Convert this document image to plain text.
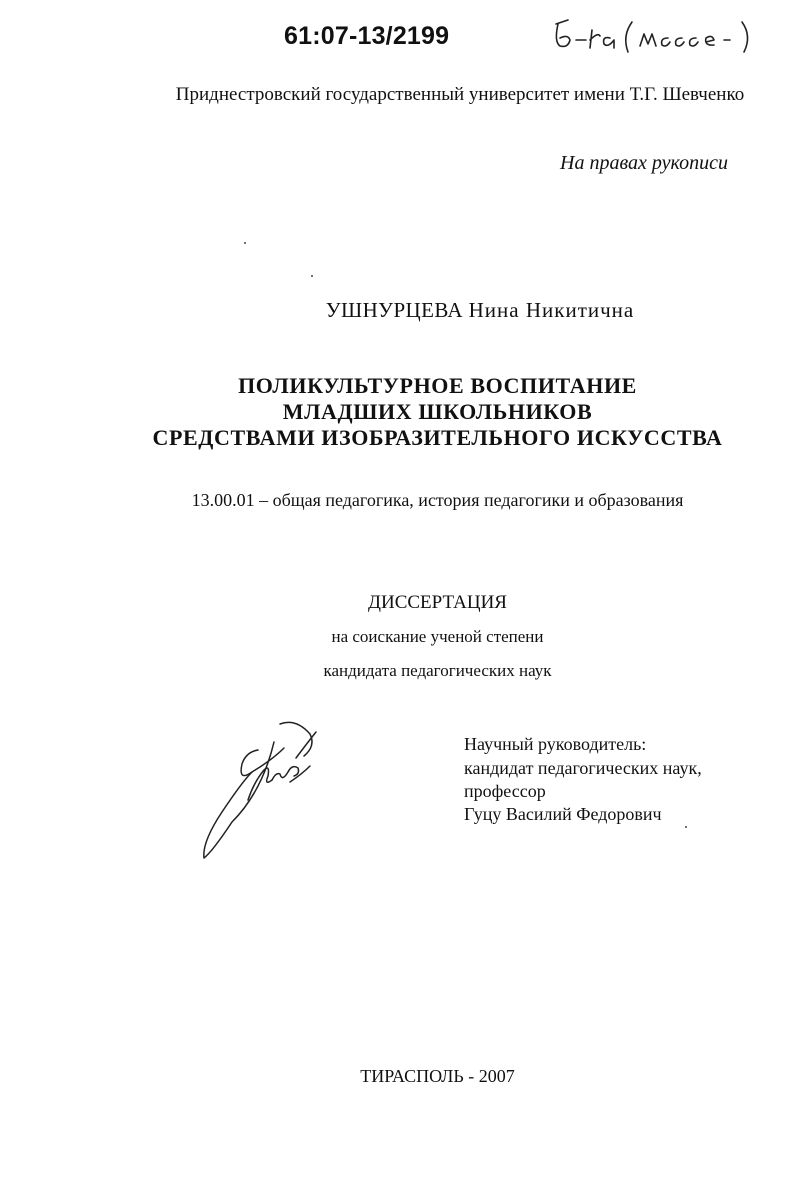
61:07-13/2199
Приднестровский государственный университет имени Т.Г. Шевченко
На правах рукописи
УШНУРЦЕВА Нина Никитична
ПОЛИКУЛЬТУРНОЕ ВОСПИТАНИЕ
МЛАДШИХ ШКОЛЬНИКОВ
СРЕДСТВАМИ ИЗОБРАЗИТЕЛЬНОГО ИСКУССТВА
13.00.01 – общая педагогика, история педагогики и образования
ДИССЕРТАЦИЯ
на соискание ученой степени
кандидата педагогических наук
Научный руководитель:
кандидат педагогических наук,
профессор
Гуцу Василий Федорович
ТИРАСПОЛЬ - 2007
